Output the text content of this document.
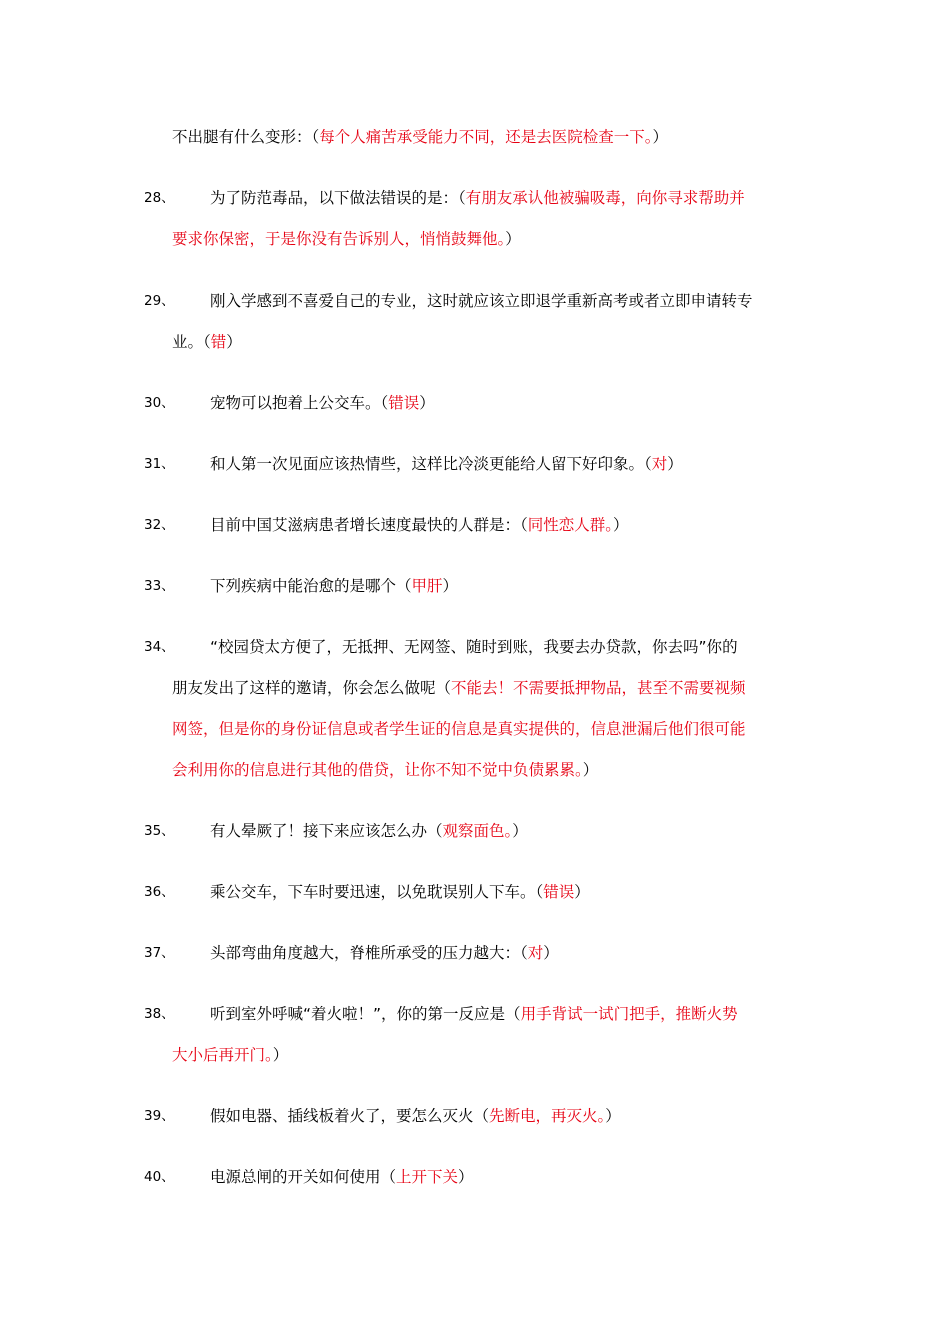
不出腿有什么变形：（每个人痛苦承受能力不同，还是去医院检查一下。）
28、	为了防范毒品，以下做法错误的是：（有朋友承认他被骗吸毒，向你寻求帮助并
要求你保密，于是你没有告诉别人，悄悄鼓舞他。）
29、	刚入学感到不喜爱自己的专业，这时就应该立即退学重新高考或者立即申请转专
业。（错）
30、	宠物可以抱着上公交车。（错误）
31、	和人第一次见面应该热情些，这样比冷淡更能给人留下好印象。（对）
32、	目前中国艾滋病患者增长速度最快的人群是：（同性恋人群。）
33、	下列疾病中能治愈的是哪个（甲肝）
34、	“校园贷太方便了，无抵押、无网签、随时到账，我要去办贷款，你去吗”你的
朋友发出了这样的邀请，你会怎么做呢（不能去！不需要抵押物品，甚至不需要视频
网签，但是你的身份证信息或者学生证的信息是真实提供的，信息泄漏后他们很可能
会利用你的信息进行其他的借贷，让你不知不觉中负债累累。）
35、	有人晕厥了！接下来应该怎么办（观察面色。）
36、	乘公交车，下车时要迅速，以免耽误别人下车。（错误）
37、	头部弯曲角度越大，脊椎所承受的压力越大：（对）
38、	听到室外呼喊“着火啦！”，你的第一反应是（用手背试一试门把手，推断火势
大小后再开门。）
39、	假如电器、插线板着火了，要怎么灭火（先断电，再灭火。）
40、	电源总闸的开关如何使用（上开下关）
